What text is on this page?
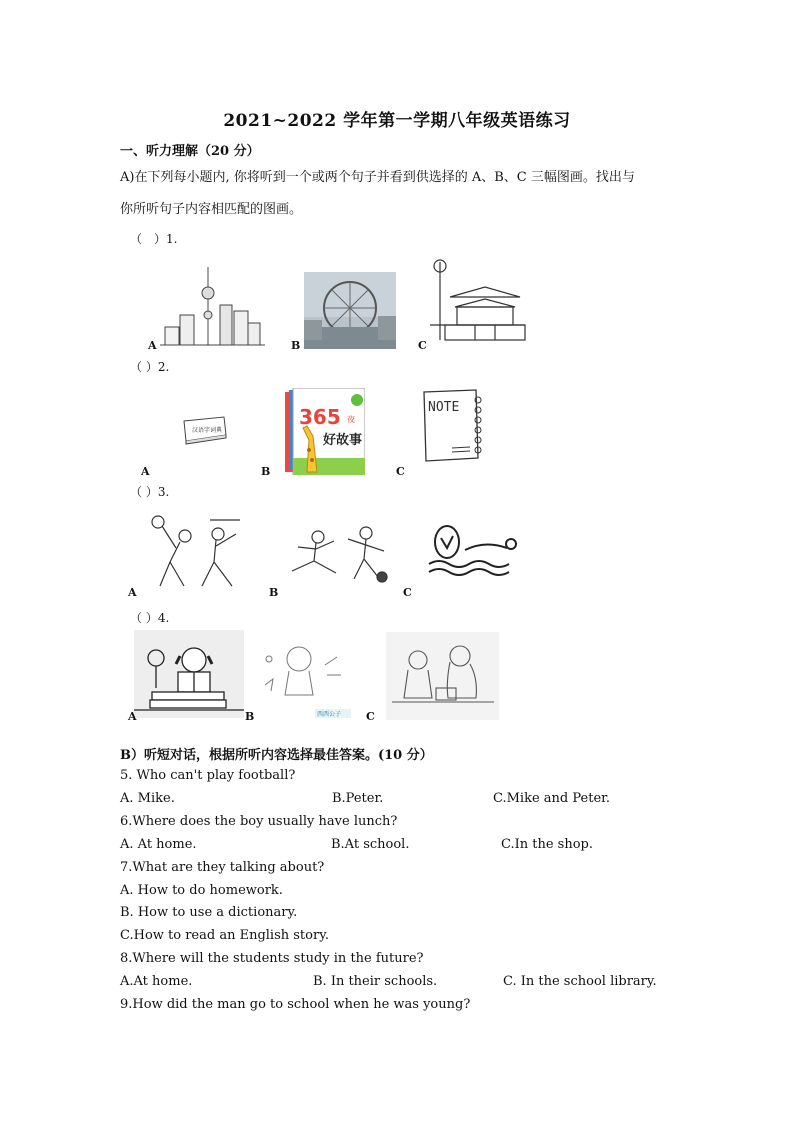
2021~2022 学年第一学期八年级英语练习
一、听力理解（20 分）
A)在下列每小题内, 你将听到一个或两个句子并看到供选择的 A、B、C 三幅图画。找出与
你所听句子内容相匹配的图画。
（　）1.
A	B	C
（ ）2.
汉语字词典
A
365 夜
好故事
B
NOTE
C
（ ）3.
A	B	C
（ ）4.
A	西西公子
B	C
B）听短对话，根据所听内容选择最佳答案。(10 分）
5. Who can't play football?
A. Mike.	B.Peter.	C.Mike and Peter.
6.Where does the boy usually have lunch?
A. At home.	B.At school.	C.In the shop.
7.What are they talking about?
A. How to do homework.
B. How to use a dictionary.
C.How to read an English story.
8.Where will the students study in the future?
A.At home.	B. In their schools.	C. In the school library.
9.How did the man go to school when he was young?
